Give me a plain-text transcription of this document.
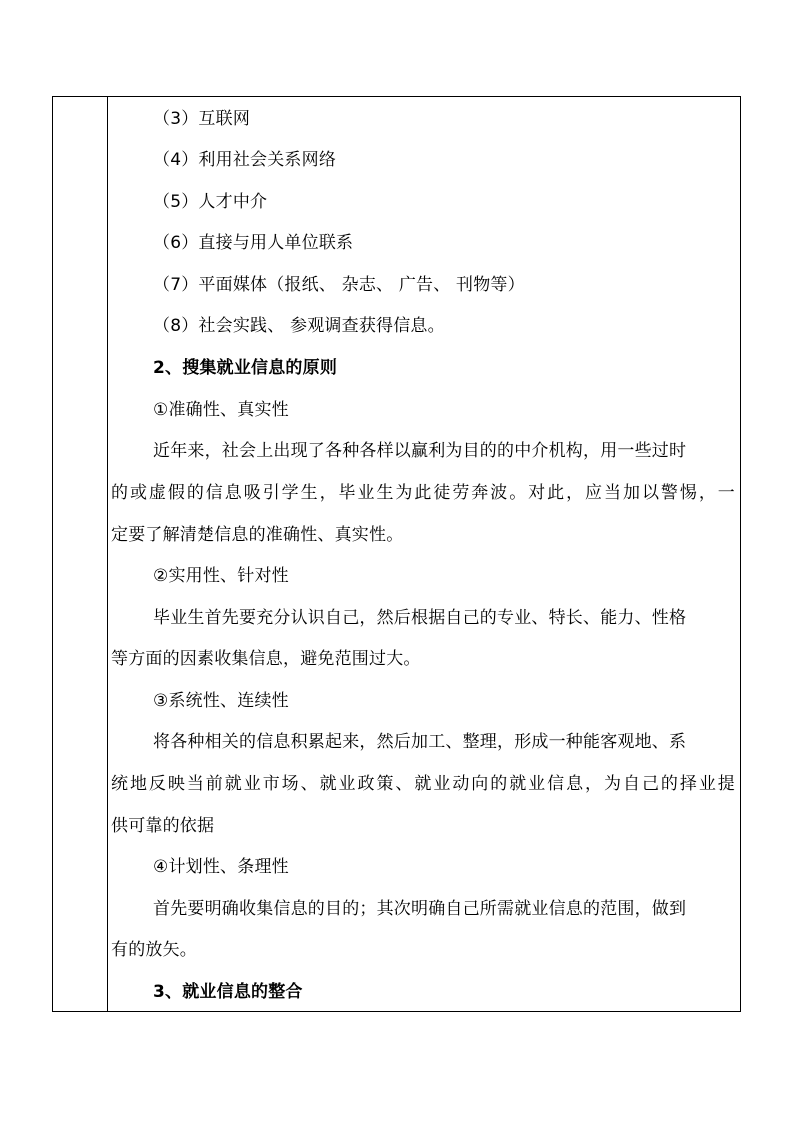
（3）互联网
（4）利用社会关系网络
（5）人才中介
（6）直接与用人单位联系
（7）平面媒体（报纸、 杂志、 广告、 刊物等）
（8）社会实践、 参观调查获得信息。
2、搜集就业信息的原则
①准确性、真实性
近年来，社会上出现了各种各样以赢利为目的的中介机构，用一些过时
的或虚假的信息吸引学生，毕业生为此徒劳奔波。对此，应当加以警惕，一
定要了解清楚信息的准确性、真实性。
②实用性、针对性
毕业生首先要充分认识自己，然后根据自己的专业、特长、能力、性格
等方面的因素收集信息，避免范围过大。
③系统性、连续性
将各种相关的信息积累起来，然后加工、整理，形成一种能客观地、系
统地反映当前就业市场、就业政策、就业动向的就业信息，为自己的择业提
供可靠的依据
④计划性、条理性
首先要明确收集信息的目的；其次明确自己所需就业信息的范围，做到
有的放矢。
3、就业信息的整合
